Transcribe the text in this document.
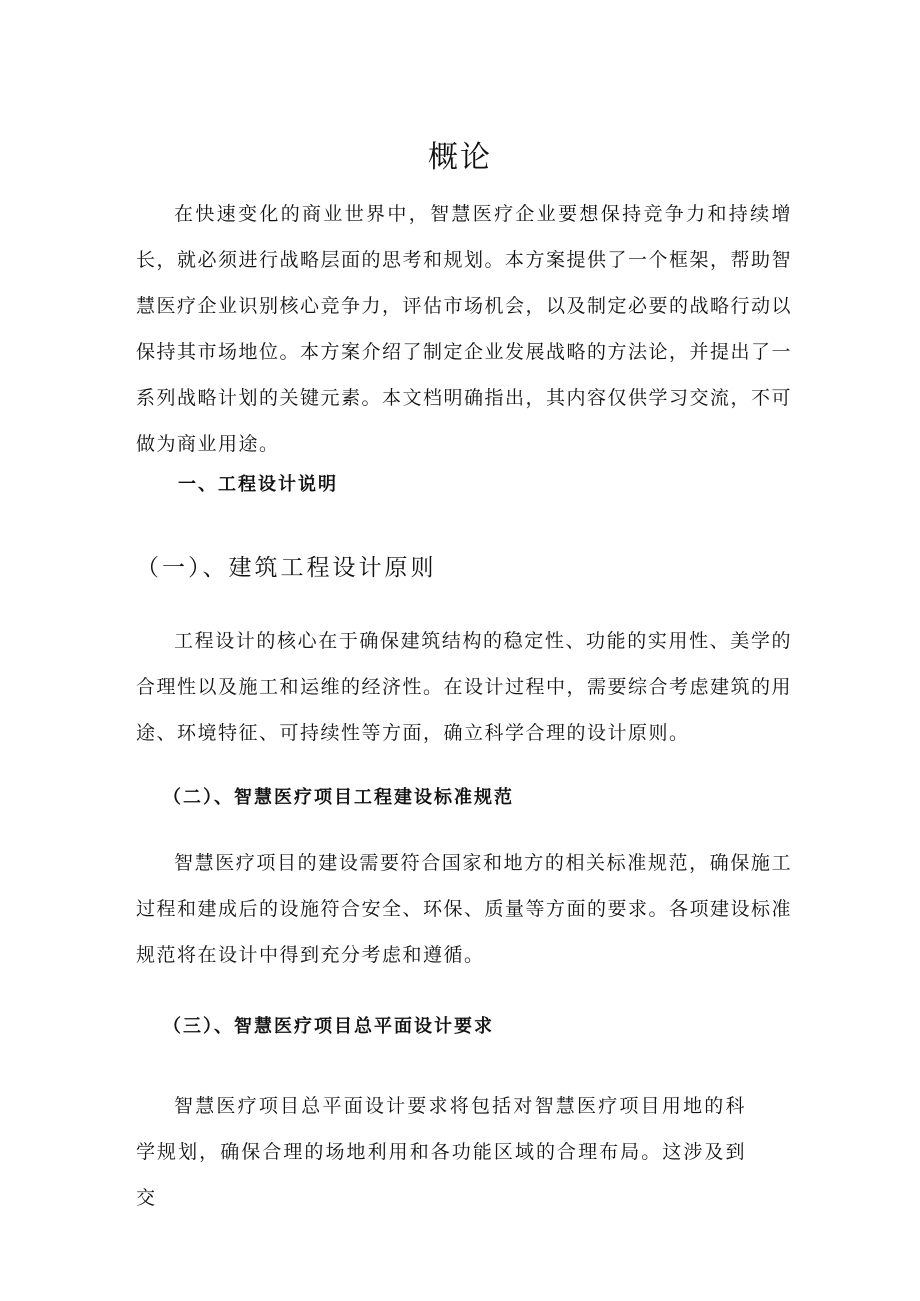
概论

在快速变化的商业世界中，智慧医疗企业要想保持竞争力和持续增长，就必须进行战略层面的思考和规划。本方案提供了一个框架，帮助智慧医疗企业识别核心竞争力，评估市场机会，以及制定必要的战略行动以保持其市场地位。本方案介绍了制定企业发展战略的方法论，并提出了一系列战略计划的关键元素。本文档明确指出，其内容仅供学习交流，不可做为商业用途。

一、工程设计说明
（一）、建筑工程设计原则

工程设计的核心在于确保建筑结构的稳定性、功能的实用性、美学的合理性以及施工和运维的经济性。在设计过程中，需要综合考虑建筑的用途、环境特征、可持续性等方面，确立科学合理的设计原则。

（二）、智慧医疗项目工程建设标准规范

智慧医疗项目的建设需要符合国家和地方的相关标准规范，确保施工过程和建成后的设施符合安全、环保、质量等方面的要求。各项建设标准规范将在设计中得到充分考虑和遵循。

（三）、智慧医疗项目总平面设计要求

智慧医疗项目总平面设计要求将包括对智慧医疗项目用地的科学规划，确保合理的场地利用和各功能区域的合理布局。这涉及到交
